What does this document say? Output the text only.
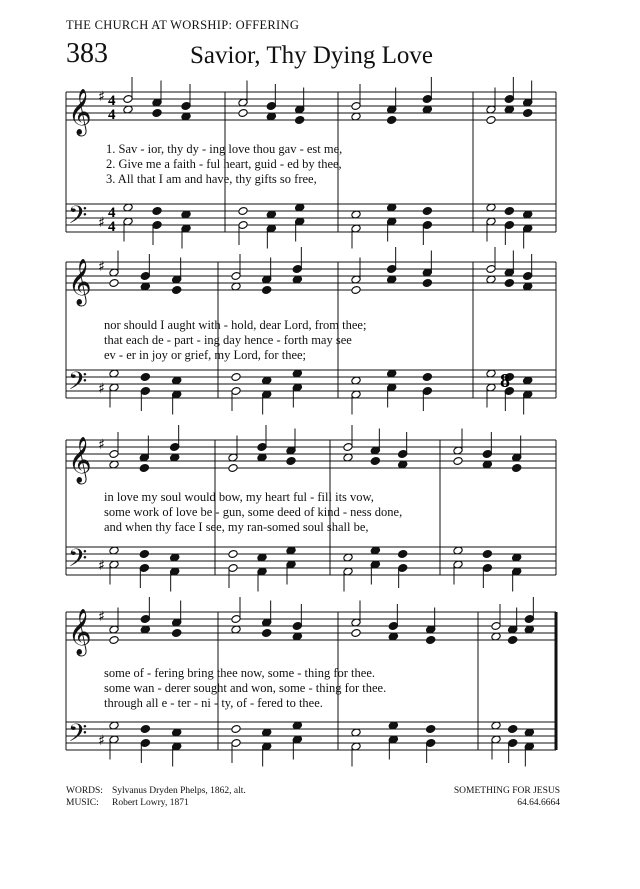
THE CHURCH AT WORSHIP: OFFERING
383	Savior, Thy Dying Love
𝄞
𝄢
♯
♯
4
4
4
4
𝄞
𝄢
♯
♯
𝄞
𝄢
♯
♯
𝄞
𝄢
♯
♯
8
1. Sav - ior, thy dy - ing love thou gav - est me,
2. Give me a faith - ful heart, guid - ed by thee,
3. All that I am and have, thy gifts so free,
nor should I aught with - hold, dear Lord, from thee;
that each de - part - ing day hence - forth may see
ev - er in joy or grief, my Lord, for thee;
in love my soul would bow, my heart ful - fill its vow,
some work of love be - gun, some deed of kind - ness done,
and when thy face I see, my ran-somed soul shall be,
some of - fering bring thee now, some - thing for thee.
some wan - derer sought and won, some - thing for thee.
through all e - ter - ni - ty, of - fered to thee.
WORDS: Sylvanus Dryden Phelps, 1862, alt.
MUSIC: Robert Lowry, 1871
SOMETHING FOR JESUS
64.64.6664
